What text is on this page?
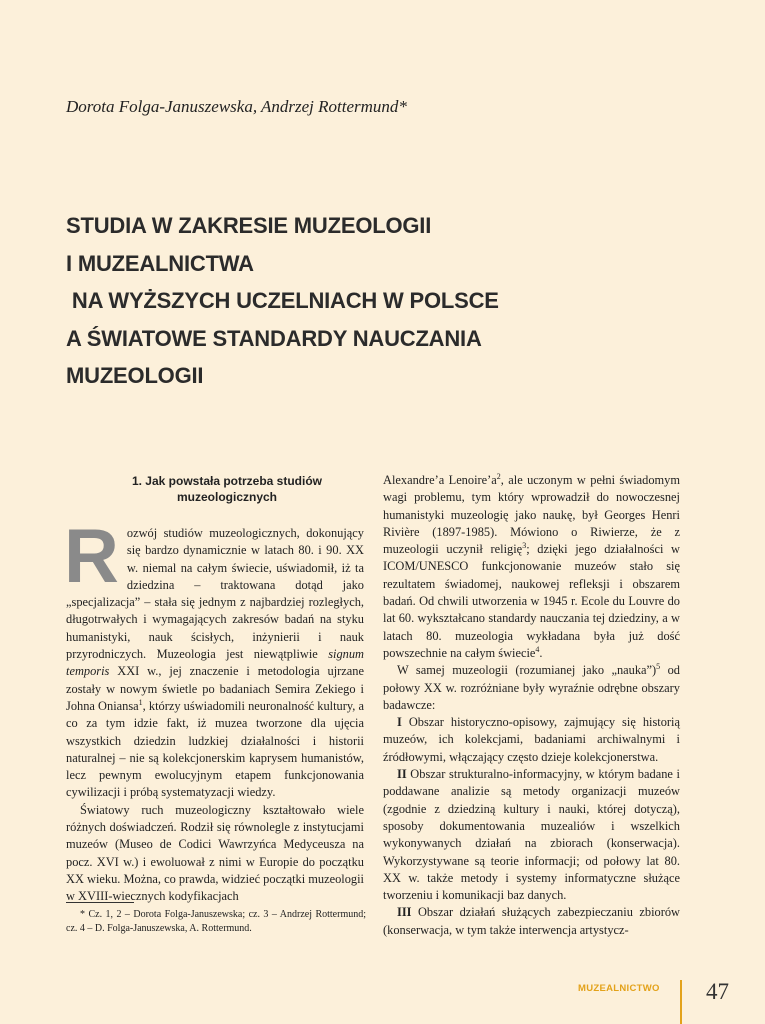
Dorota Folga-Januszewska, Andrzej Rottermund*
STUDIA W ZAKRESIE MUZEOLOGII
I MUZEALNICTWA
NA WYŻSZYCH UCZELNIACH W POLSCE
A ŚWIATOWE STANDARDY NAUCZANIA
MUZEOLOGII
1. Jak powstała potrzeba studiów
muzeologicznych

Rozwój studiów muzeologicznych, dokonujący się bardzo dynamicznie w latach 80. i 90. XX w. niemal na całym świecie, uświadomił, iż ta dziedzina – traktowana dotąd jako „specjalizacja” – stała się jednym z najbardziej rozległych, długotrwałych i wymagających zakresów badań na styku humanistyki, nauk ścisłych, inżynierii i nauk przyrodniczych. Muzeologia jest niewątpliwie signum temporis XXI w., jej znaczenie i metodologia ujrzane zostały w nowym świetle po badaniach Semira Zekiego i Johna Oniansa$^1$, którzy uświadomili neuronalność kultury, a co za tym idzie fakt, iż muzea tworzone dla ujęcia wszystkich dziedzin ludzkiej działalności i historii naturalnej – nie są kolekcjonerskim kaprysem humanistów, lecz pewnym ewolucyjnym etapem funkcjonowania cywilizacji i próbą systematyzacji wiedzy.

Światowy ruch muzeologiczny kształtowało wiele różnych doświadczeń. Rodził się równolegle z instytucjami muzeów (Museo de Codici Wawrzyńca Medyceusza na pocz. XVI w.) i ewoluował z nimi w Europie do początku XX wieku. Można, co prawda, widzieć początki muzeologii w XVIII-wiecznych kodyfikacjach

Alexandre’a $Lenoire’a^2$, ale uczonym w pełni świadomym wagi problemu, tym który wprowadził do nowoczesnej humanistyki muzeologię jako naukę, był Georges Henri Rivière (1897-1985). Mówiono o Riwierze, że z muzeologii uczynił religię$^3$; dzięki jego działalności w ICOM/UNESCO funkcjonowanie muzeów stało się rezultatem świadomej, naukowej refleksji i obszarem badań. Od chwili utworzenia w 1945 r. Ecole du Louvre do lat 60. wykształcano standardy nauczania tej dziedziny, a w latach 80. muzeologia wykładana była już dość powszechnie na całym świecie$^4$.

W samej muzeologii (rozumianej jako „nauka”)$^5$ od połowy XX w. rozróżniane były wyraźnie odrębne obszary badawcze:

I Obszar historyczno-opisowy, zajmujący się historią muzeów, ich kolekcjami, badaniami archiwalnymi i źródłowymi, włączający często dzieje kolekcjonerstwa.

II Obszar strukturalno-informacyjny, w którym badane i poddawane analizie są metody organizacji muzeów (zgodnie z dziedziną kultury i nauki, której dotyczą), sposoby dokumentowania muzealiów i wszelkich wykonywanych działań na zbiorach (konserwacja). Wykorzystywane są teorie informacji; od połowy lat 80. XX w. także metody i systemy informatyczne służące tworzeniu i komunikacji baz danych.

III Obszar działań służących zabezpieczaniu zbiorów (konserwacja, w tym także interwencja artystycz-

* Cz. 1, 2 – Dorota Folga-Januszewska; cz. 3 – Andrzej Rottermund; cz. 4 – D. Folga-Januszewska, A. Rottermund.
MUZEALNICTWO 47
